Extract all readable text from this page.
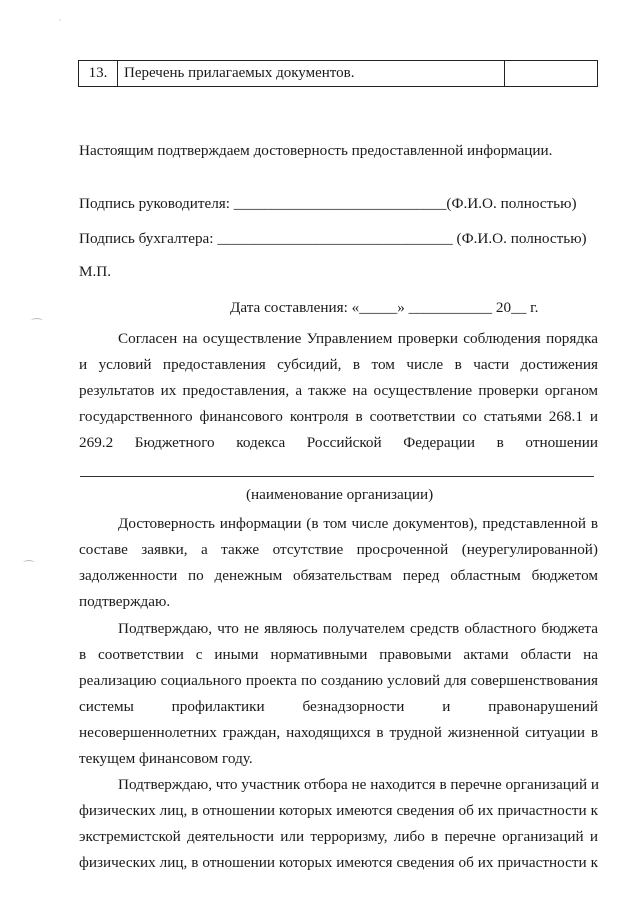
˙
13.	Перечень прилагаемых документов.	
Настоящим подтверждаем достоверность предоставленной информации.
Подпись руководителя: ____________________________(Ф.И.О. полностью)
Подпись бухгалтера: _______________________________ (Ф.И.О. полностью)
М.П.
Дата составления: «_____» ___________ 20__ г.
⁀
Согласен на осуществление Управлением проверки соблюдения порядка
и условий предоставления субсидий, в том числе в части достижения
результатов их предоставления, а также на осуществление проверки органом
государственного финансового контроля в соответствии со статьями 268.1 и
269.2 Бюджетного кодекса Российской Федерации в отношении
(наименование организации)
Достоверность информации (в том числе документов), представленной в
составе заявки, а также отсутствие просроченной (неурегулированной)
задолженности по денежным обязательствам перед областным бюджетом
подтверждаю.
⁀
Подтверждаю, что не являюсь получателем средств областного бюджета
в соответствии с иными нормативными правовыми актами области на
реализацию социального проекта по созданию условий для совершенствования
системы профилактики безнадзорности и правонарушений
несовершеннолетних граждан, находящихся в трудной жизненной ситуации в
текущем финансовом году.
Подтверждаю, что участник отбора не находится в перечне организаций и
физических лиц, в отношении которых имеются сведения об их причастности к
экстремистской деятельности или терроризму, либо в перечне организаций и
физических лиц, в отношении которых имеются сведения об их причастности к
